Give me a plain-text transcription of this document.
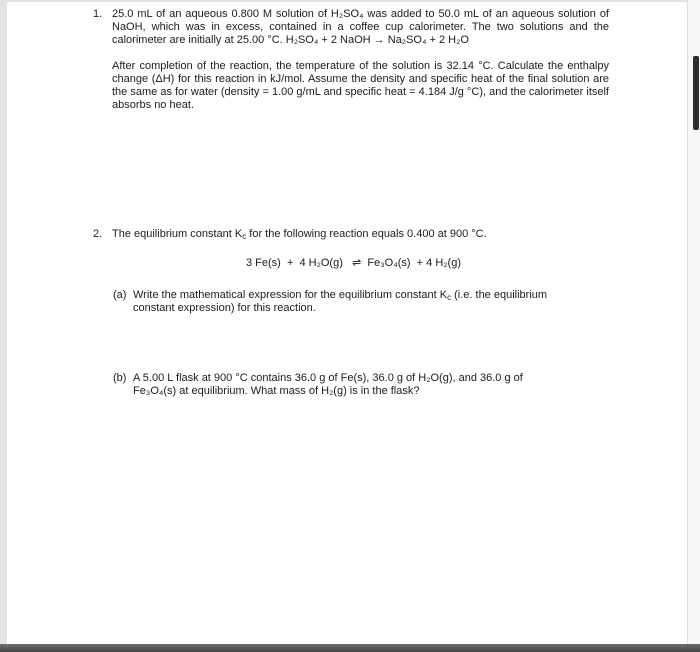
1. 25.0 mL of an aqueous 0.800 M solution of H₂SO₄ was added to 50.0 mL of an aqueous solution of NaOH, which was in excess, contained in a coffee cup calorimeter. The two solutions and the calorimeter are initially at 25.00 °C. H₂SO₄ + 2 NaOH → Na₂SO₄ + 2 H₂O

After completion of the reaction, the temperature of the solution is 32.14 °C. Calculate the enthalpy change (ΔH) for this reaction in kJ/mol. Assume the density and specific heat of the final solution are the same as for water (density = 1.00 g/mL and specific heat = 4.184 J/g °C), and the calorimeter itself absorbs no heat.

2. The equilibrium constant $K_c$ for the following reaction equals 0.400 at 900 °C.
3 Fe(s)  +  4 H₂O(g)   ⇌  Fe₃O₄(s)  + 4 H₂(g)
(a) Write the mathematical expression for the equilibrium constant $K_c$ (i.e. the equilibrium constant expression) for this reaction.
(b) A 5.00 L flask at 900 °C contains 36.0 g of Fe(s), 36.0 g of H₂O(g), and 36.0 g of Fe₃O₄(s) at equilibrium. What mass of H₂(g) is in the flask?
